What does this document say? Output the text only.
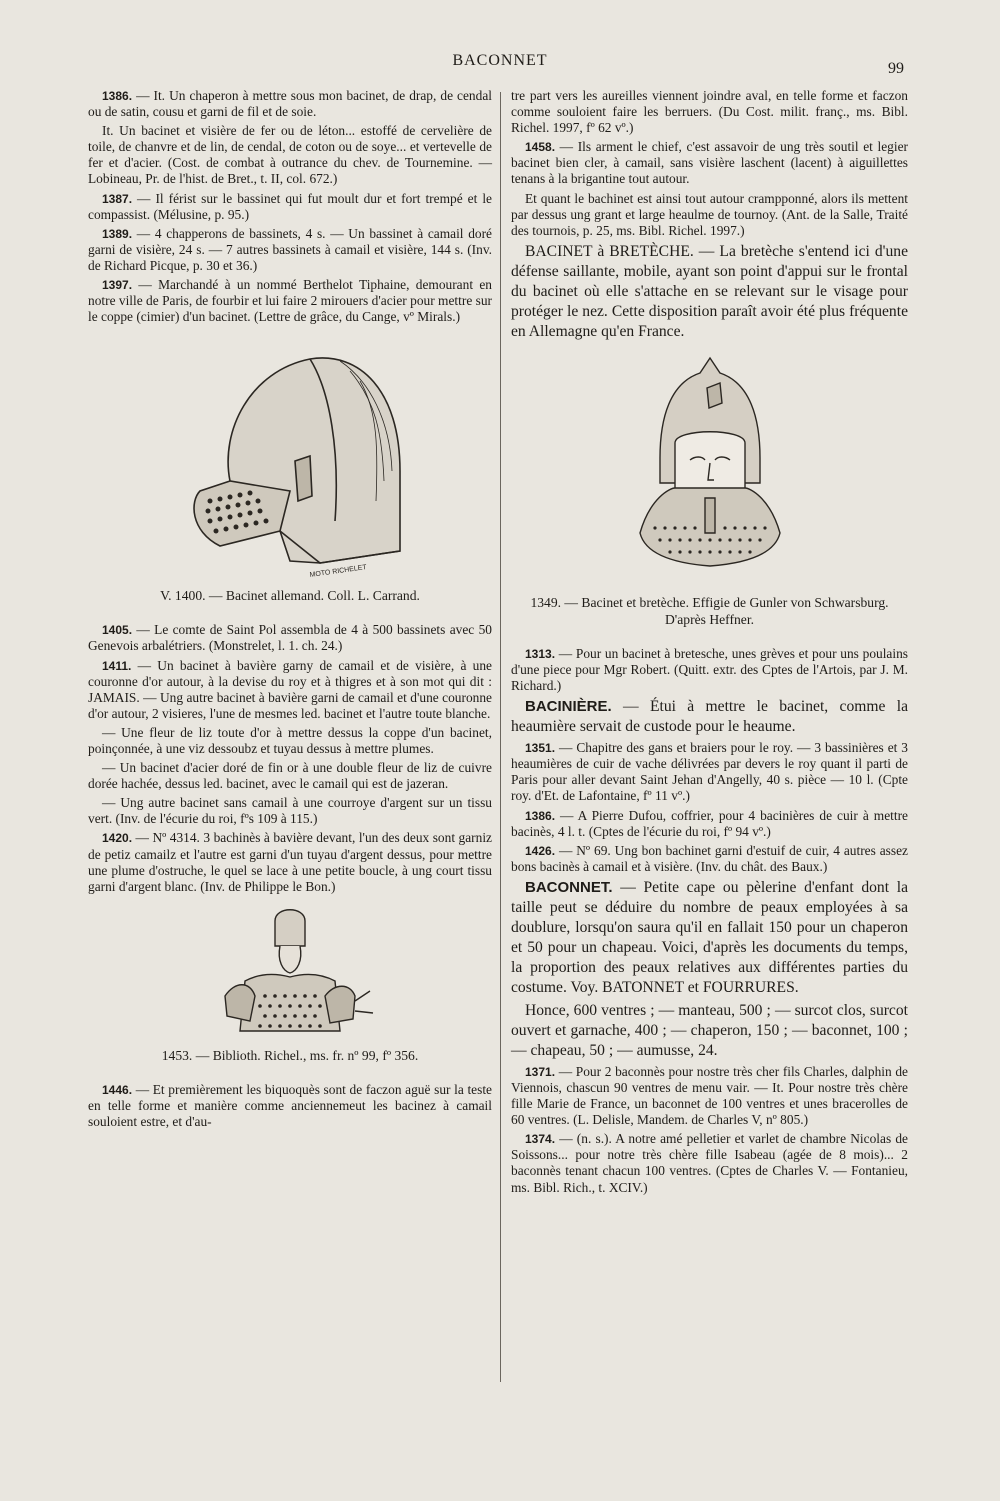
BACONNET	99

1386. — It. Un chaperon à mettre sous mon bacinet, de drap, de cendal ou de satin, cousu et garni de fil et de soie.

It. Un bacinet et visière de fer ou de léton... estoffé de cervelière de toile, de chanvre et de lin, de cendal, de coton ou de soye... et vertevelle de fer et d'acier. (Cost. de combat à outrance du chev. de Tournemine. — Lobineau, Pr. de l'hist. de Bret., t. II, col. 672.)

1387. — Il férist sur le bassinet qui fut moult dur et fort trempé et le compassist. (Mélusine, p. 95.)

1389. — 4 chapperons de bassinets, 4 s. — Un bassinet à camail doré garni de visière, 24 s. — 7 autres bassinets à camail et visière, 144 s. (Inv. de Richard Picque, p. 30 et 36.)

1397. — Marchandé à un nommé Berthelot Tiphaine, demourant en notre ville de Paris, de fourbir et lui faire 2 mirouers d'acier pour mettre sur le coppe (cimier) d'un bacinet. (Lettre de grâce, du Cange, vº Mirals.)

MOTO RICHELET
V. 1400. — Bacinet allemand. Coll. L. Carrand.

1405. — Le comte de Saint Pol assembla de 4 à 500 bassinets avec 50 Genevois arbalétriers. (Monstrelet, l. 1. ch. 24.)

1411. — Un bacinet à bavière garny de camail et de visière, à une couronne d'or autour, à la devise du roy et à thigres et à son mot qui dit : JAMAIS. — Ung autre bacinet à bavière garni de camail et d'une couronne d'or autour, 2 visieres, l'une de mesmes led. bacinet et l'autre toute blanche.

— Une fleur de liz toute d'or à mettre dessus la coppe d'un bacinet, poinçonnée, à une viz dessoubz et tuyau dessus à mettre plumes.

— Un bacinet d'acier doré de fin or à une double fleur de liz de cuivre dorée hachée, dessus led. bacinet, avec le camail qui est de jazeran.

— Ung autre bacinet sans camail à une courroye d'argent sur un tissu vert. (Inv. de l'écurie du roi, fºs 109 à 115.)

1420. — Nº 4314. 3 bachinès à bavière devant, l'un des deux sont garniz de petiz camailz et l'autre est garni d'un tuyau d'argent dessus, pour mettre une plume d'ostruche, le quel se lace à une petite boucle, à ung court tissu garni d'argent blanc. (Inv. de Philippe le Bon.)

1453. — Biblioth. Richel., ms. fr. nº 99, fº 356.

1446. — Et premièrement les biquoquès sont de faczon aguë sur la teste en telle forme et manière comme anciennemeut les bacinez à camail souloient estre, et d'au-

tre part vers les aureilles viennent joindre aval, en telle forme et faczon comme souloient faire les berruers. (Du Cost. milit. franç., ms. Bibl. Richel. 1997, fº 62 vº.)

1458. — Ils arment le chief, c'est assavoir de ung très soutil et legier bacinet bien cler, à camail, sans visière laschent (lacent) à aiguillettes tenans à la brigantine tout autour.

Et quant le bachinet est ainsi tout autour crampponné, alors ils mettent par dessus ung grant et large heaulme de tournoy. (Ant. de la Salle, Traité des tournois, p. 25, ms. Bibl. Richel. 1997.)

BACINET à BRETÈCHE. — La bretèche s'entend ici d'une défense saillante, mobile, ayant son point d'appui sur le frontal du bacinet où elle s'attache en se relevant sur le visage pour protéger le nez. Cette disposition paraît avoir été plus fréquente en Allemagne qu'en France.

1349. — Bacinet et bretèche. Effigie de Gunler von Schwarsburg. D'après Heffner.

1313. — Pour un bacinet à bretesche, unes grèves et pour uns poulains d'une piece pour Mgr Robert. (Quitt. extr. des Cptes de l'Artois, par J. M. Richard.)

BACINIÈRE. — Étui à mettre le bacinet, comme la heaumière servait de custode pour le heaume.

1351. — Chapitre des gans et braiers pour le roy. — 3 bassinières et 3 heaumières de cuir de vache délivrées par devers le roy quant il parti de Paris pour aller devant Saint Jehan d'Angelly, 40 s. pièce — 10 l. (Cpte roy. d'Et. de Lafontaine, fº 11 vº.)

1386. — A Pierre Dufou, coffrier, pour 4 bacinières de cuir à mettre bacinès, 4 l. t. (Cptes de l'écurie du roi, fº 94 vº.)

1426. — Nº 69. Ung bon bachinet garni d'estuif de cuir, 4 autres assez bons bacinès à camail et à visière. (Inv. du chât. des Baux.)

BACONNET. — Petite cape ou pèlerine d'enfant dont la taille peut se déduire du nombre de peaux employées à sa doublure, lorsqu'on saura qu'il en fallait 150 pour un chaperon et 50 pour un chapeau. Voici, d'après les documents du temps, la proportion des peaux relatives aux différentes parties du costume. Voy. BATONNET et FOURRURES.

Honce, 600 ventres ; — manteau, 500 ; — surcot clos, surcot ouvert et garnache, 400 ; — chaperon, 150 ; — baconnet, 100 ; — chapeau, 50 ; — aumusse, 24.

1371. — Pour 2 baconnès pour nostre très cher fils Charles, dalphin de Viennois, chascun 90 ventres de menu vair. — It. Pour nostre très chère fille Marie de France, un baconnet de 100 ventres et unes bracerolles de 60 ventres. (L. Delisle, Mandem. de Charles V, nº 805.)

1374. — (n. s.). A notre amé pelletier et varlet de chambre Nicolas de Soissons... pour notre très chère fille Isabeau (agée de 8 mois)... 2 baconnès tenant chacun 100 ventres. (Cptes de Charles V. — Fontanieu, ms. Bibl. Rich., t. XCIV.)
